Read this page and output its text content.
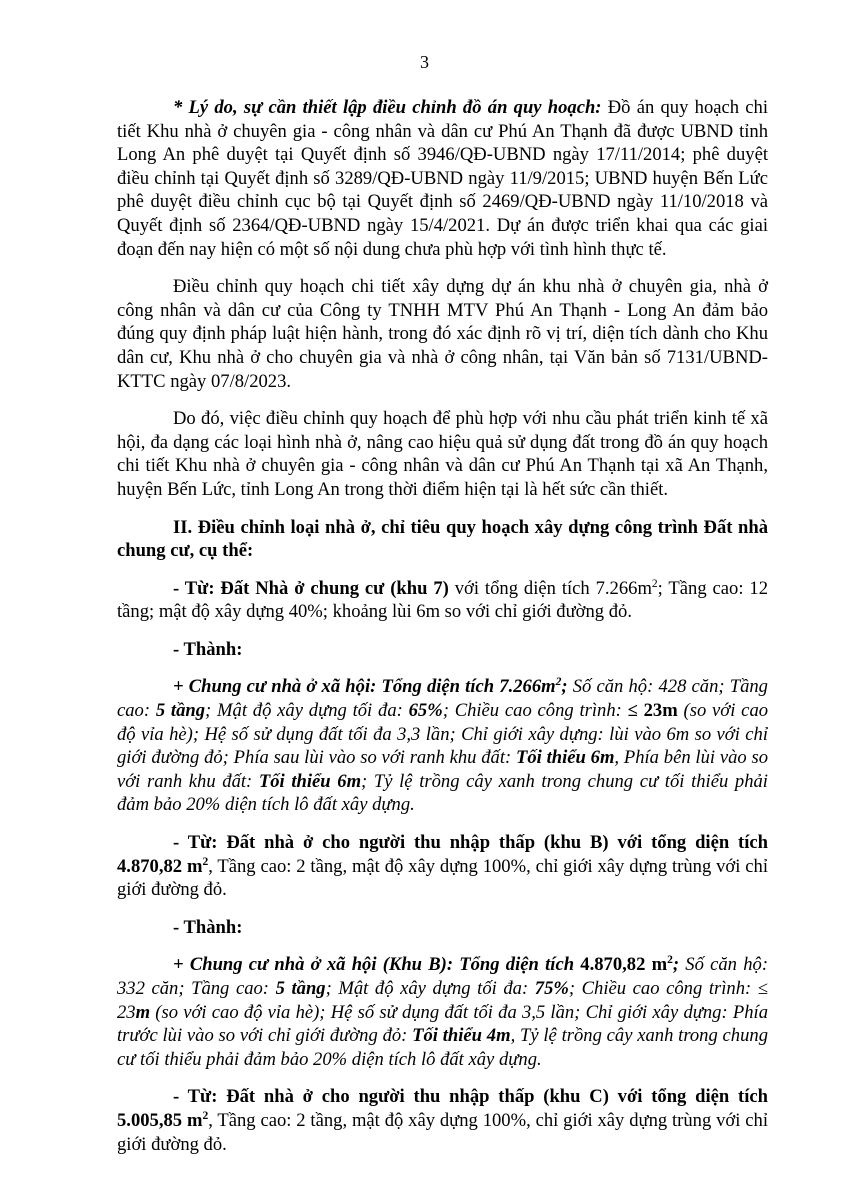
3

* Lý do, sự cần thiết lập điều chỉnh đồ án quy hoạch: Đồ án quy hoạch chi tiết Khu nhà ở chuyên gia - công nhân và dân cư Phú An Thạnh đã được UBND tỉnh Long An phê duyệt tại Quyết định số 3946/QĐ-UBND ngày 17/11/2014; phê duyệt điều chỉnh tại Quyết định số 3289/QĐ-UBND ngày 11/9/2015; UBND huyện Bến Lức phê duyệt điều chỉnh cục bộ tại Quyết định số 2469/QĐ-UBND ngày 11/10/2018 và Quyết định số 2364/QĐ-UBND ngày 15/4/2021. Dự án được triển khai qua các giai đoạn đến nay hiện có một số nội dung chưa phù hợp với tình hình thực tế.

Điều chỉnh quy hoạch chi tiết xây dựng dự án khu nhà ở chuyên gia, nhà ở công nhân và dân cư của Công ty TNHH MTV Phú An Thạnh - Long An đảm bảo đúng quy định pháp luật hiện hành, trong đó xác định rõ vị trí, diện tích dành cho Khu dân cư, Khu nhà ở cho chuyên gia và nhà ở công nhân, tại Văn bản số 7131/UBND-KTTC ngày 07/8/2023.

Do đó, việc điều chỉnh quy hoạch để phù hợp với nhu cầu phát triển kinh tế xã hội, đa dạng các loại hình nhà ở, nâng cao hiệu quả sử dụng đất trong đồ án quy hoạch chi tiết Khu nhà ở chuyên gia - công nhân và dân cư Phú An Thạnh tại xã An Thạnh, huyện Bến Lức, tỉnh Long An trong thời điểm hiện tại là hết sức cần thiết.

II. Điều chỉnh loại nhà ở, chỉ tiêu quy hoạch xây dựng công trình Đất nhà chung cư, cụ thể:

- Từ: Đất Nhà ở chung cư (khu 7) với tổng diện tích $7.266m^2$; Tầng cao: 12 tầng; mật độ xây dựng 40%; khoảng lùi 6m so với chỉ giới đường đỏ.

- Thành:

+ Chung cư nhà ở xã hội: Tổng diện tích $7.266m^2$; Số căn hộ: 428 căn; Tầng cao: 5 tầng; Mật độ xây dựng tối đa: 65%; Chiều cao công trình: ≤ 23m (so với cao độ vỉa hè); Hệ số sử dụng đất tối đa 3,3 lần; Chỉ giới xây dựng: lùi vào 6m so với chỉ giới đường đỏ; Phía sau lùi vào so với ranh khu đất: Tối thiểu 6m, Phía bên lùi vào so với ranh khu đất: Tối thiểu 6m; Tỷ lệ trồng cây xanh trong chung cư tối thiểu phải đảm bảo 20% diện tích lô đất xây dựng.

- Từ: Đất nhà ở cho người thu nhập thấp (khu B) với tổng diện tích 4.870,82 $m^2$, Tầng cao: 2 tầng, mật độ xây dựng 100%, chỉ giới xây dựng trùng với chỉ giới đường đỏ.

- Thành:

+ Chung cư nhà ở xã hội (Khu B): Tổng diện tích 4.870,82 $m^2$; Số căn hộ: 332 căn; Tầng cao: 5 tầng; Mật độ xây dựng tối đa: 75%; Chiều cao công trình: ≤ 23m (so với cao độ vỉa hè); Hệ số sử dụng đất tối đa 3,5 lần; Chỉ giới xây dựng: Phía trước lùi vào so với chỉ giới đường đỏ: Tối thiểu 4m, Tỷ lệ trồng cây xanh trong chung cư tối thiểu phải đảm bảo 20% diện tích lô đất xây dựng.

- Từ: Đất nhà ở cho người thu nhập thấp (khu C) với tổng diện tích 5.005,85 $m^2$, Tầng cao: 2 tầng, mật độ xây dựng 100%, chỉ giới xây dựng trùng với chỉ giới đường đỏ.
